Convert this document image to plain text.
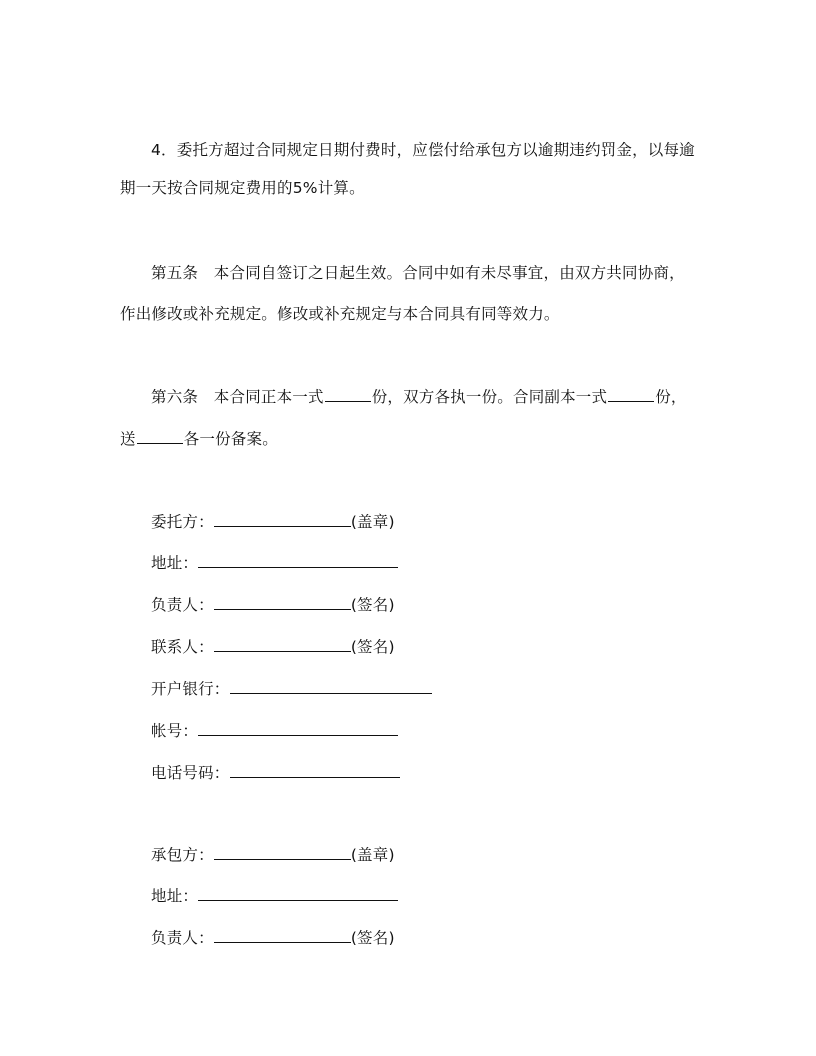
4．委托方超过合同规定日期付费时，应偿付给承包方以逾期违约罚金，以每逾
期一天按合同规定费用的5%计算。
第五条　本合同自签订之日起生效。合同中如有未尽事宜，由双方共同协商，
作出修改或补充规定。修改或补充规定与本合同具有同等效力。
第六条　本合同正本一式	份，双方各执一份。合同副本一式	份，
送	各一份备案。
委托方：	(盖章)
地址：
负责人：	(签名)
联系人：	(签名)
开户银行：
帐号：
电话号码：
承包方：	(盖章)
地址：
负责人：	(签名)
